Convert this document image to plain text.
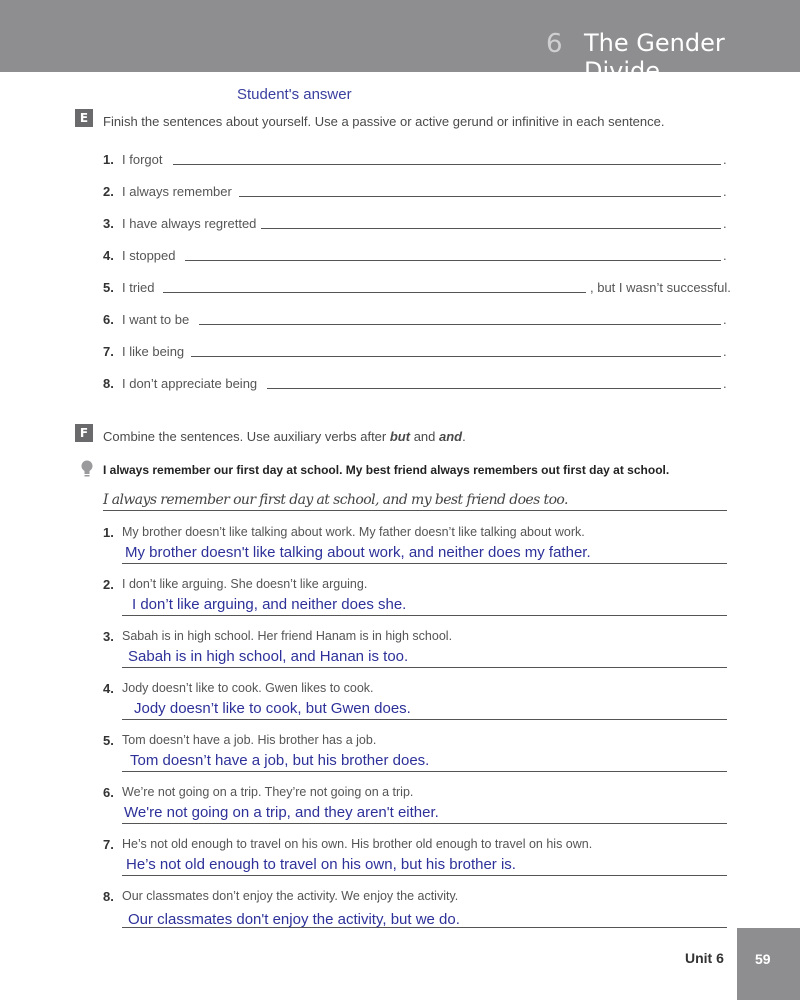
6 The Gender Divide
Student's answer
E	Finish the sentences about yourself. Use a passive or active gerund or infinitive in each sentence.
1. I forgot	.
2. I always remember	.
3. I have always regretted	.
4. I stopped	.
5. I tried	, but I wasn’t successful.
6. I want to be	.
7. I like being	.
8. I don’t appreciate being	.
F	Combine the sentences. Use auxiliary verbs after but and and.
I always remember our first day at school. My best friend always remembers out first day at school.
I always remember our first day at school, and my best friend does too.
1. My brother doesn’t like talking about work. My father doesn’t like talking about work.
My brother doesn't like talking about work, and neither does my father.
2. I don’t like arguing. She doesn’t like arguing.
I don’t like arguing, and neither does she.
3. Sabah is in high school. Her friend Hanam is in high school.
Sabah is in high school, and Hanan is too.
4. Jody doesn’t like to cook. Gwen likes to cook.
Jody doesn’t like to cook, but Gwen does.
5. Tom doesn’t have a job. His brother has a job.
Tom doesn’t have a job, but his brother does.
6. We’re not going on a trip. They’re not going on a trip.
We're not going on a trip, and they aren't either.
7. He’s not old enough to travel on his own. His brother old enough to travel on his own.
He’s not old enough to travel on his own, but his brother is.
8. Our classmates don’t enjoy the activity. We enjoy the activity.
Our classmates don't enjoy the activity, but we do.
Unit 6 59
